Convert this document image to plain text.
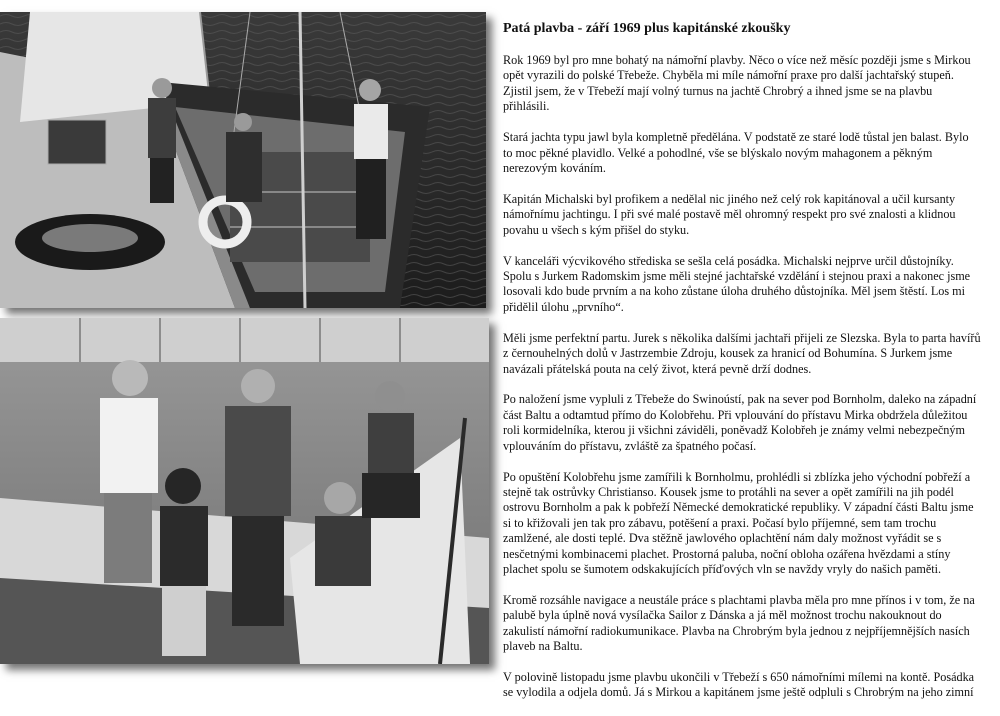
Patá plavba - září 1969 plus kapitánské zkoušky

Rok 1969 byl pro mne bohatý na námořní plavby. Něco o více než měsíc později jsme s Mirkou opět vyrazili do polské Třebeže. Chyběla mi míle námořní praxe pro další jachtařský stupeň. Zjistil jsem, že v Třebeží mají volný turnus na jachtě Chrobrý a ihned jsme se na plavbu přihlásili.

Stará jachta typu jawl byla kompletně předělána. V podstatě ze staré lodě tůstal jen balast. Bylo to moc pěkné plavidlo. Velké a pohodlné, vše se blýskalo novým mahagonem a pěkným nerezovým kováním.

Kapitán Michalski byl profikem a nedělal nic jiného než celý rok kapitánoval a učil kursanty námořnímu jachtingu. I při své malé postavě měl ohromný respekt pro své znalosti a klidnou povahu u všech s kým přišel do styku.

V kanceláři výcvikového střediska se sešla celá posádka. Michalski nejprve určil důstojníky. Spolu s Jurkem Radomskim jsme měli stejné jachtařské vzdělání i stejnou praxi a nakonec jsme losovali kdo bude prvním a na koho zůstane úloha druhého důstojníka. Měl jsem štěstí. Los mi přidělil úlohu „prvního“.

Měli jsme perfektní partu. Jurek s několika dalšími jachtaři přijeli ze Slezska. Byla to parta havířů z černouhelných dolů v Jastrzembie Zdroju, kousek za hranicí od Bohumína. S Jurkem jsme navázali přátelská pouta na celý život, která pevně drží dodnes.

Po naložení jsme vypluli z Třebeže do Swinoústí, pak na sever pod Bornholm, daleko na západní část Baltu a odtamtud přímo do Kolobřehu. Při vplouvání do přístavu Mirka obdržela důležitou roli kormidelníka, kterou ji všichni záviděli, poněvadž Kolobřeh je známy velmi nebezpečným vplouváním do přístavu, zvláště za špatného počasí.

Po opuštění Kolobřehu jsme zamířili k Bornholmu, prohlédli si zblízka jeho východní pobřeží a stejně tak ostrůvky Christianso. Kousek jsme to protáhli na sever a opět zamířili na jih podél ostrovu Bornholm a pak k pobřeží Německé demokratické republiky. V západní části Baltu jsme si to křižovali jen tak pro zábavu, potěšení a praxi. Počasí bylo příjemné, sem tam trochu zamlžené, ale dosti teplé. Dva stěžně jawlového oplachtění nám daly možnost vyřádit se s nesčetnými kombinacemi plachet. Prostorná paluba, noční obloha ozářena hvězdami a stíny plachet spolu se šumotem odskakujících příďových vln se navždy vryly do našich paměti.

Kromě rozsáhle navigace a neustále práce s plachtami plavba měla pro mne přínos i v tom, že na palubě byla úplně nová vysílačka Sailor z Dánska a já měl možnost trochu nakouknout do zakulistí námořní radiokumunikace. Plavba na Chrobrým byla jednou z nejpříjemnějších nasích plaveb na Baltu.

V polovině listopadu jsme plavbu ukončili v Třebeží s 650 námořními mílemi na kontě. Posádka se vylodila a odjela domů. Já s Mirkou a kapitánem jsme ještě odpluli s Chrobrým na jeho zimní
